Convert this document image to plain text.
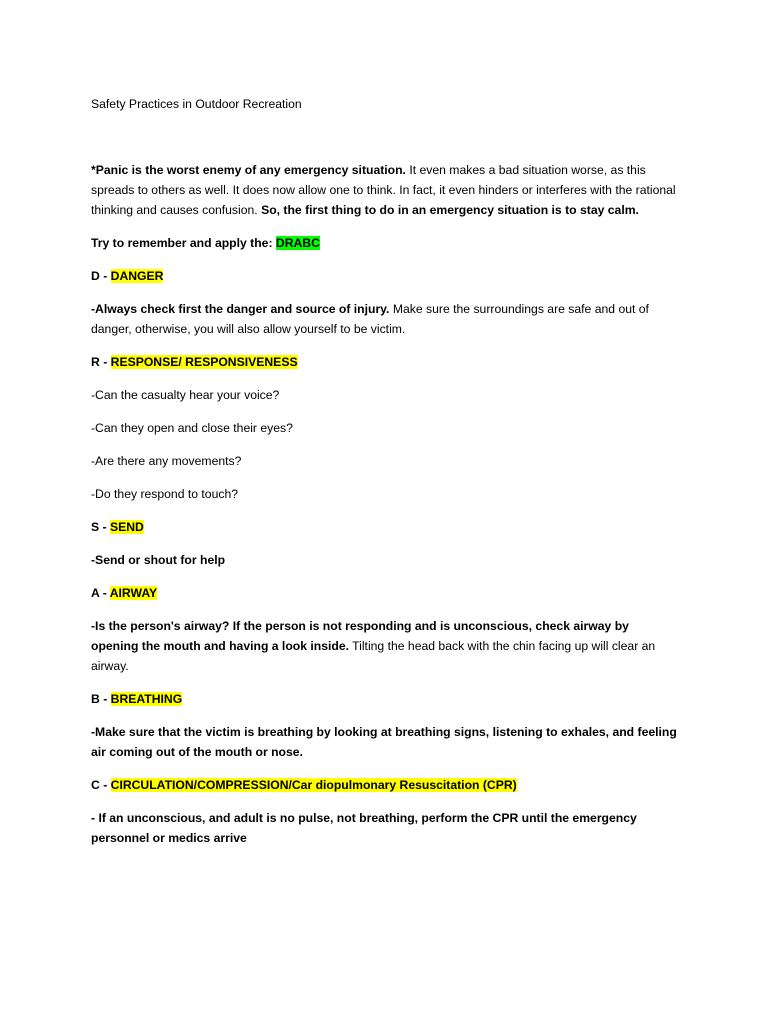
Safety Practices in Outdoor Recreation

*Panic is the worst enemy of any emergency situation. It even makes a bad situation worse, as this spreads to others as well. It does now allow one to think. In fact, it even hinders or interferes with the rational thinking and causes confusion. So, the first thing to do in an emergency situation is to stay calm.

Try to remember and apply the: DRABC

D - DANGER

-Always check first the danger and source of injury. Make sure the surroundings are safe and out of danger, otherwise, you will also allow yourself to be victim.

R - RESPONSE/ RESPONSIVENESS

-Can the casualty hear your voice?

-Can they open and close their eyes?

-Are there any movements?

-Do they respond to touch?

S - SEND

-Send or shout for help

A - AIRWAY

-Is the person's airway? If the person is not responding and is unconscious, check airway by opening the mouth and having a look inside. Tilting the head back with the chin facing up will clear an airway.

B - BREATHING

-Make sure that the victim is breathing by looking at breathing signs, listening to exhales, and feeling air coming out of the mouth or nose.

C - CIRCULATION/COMPRESSION/Car diopulmonary Resuscitation (CPR)

- If an unconscious, and adult is no pulse, not breathing, perform the CPR until the emergency personnel or medics arrive
